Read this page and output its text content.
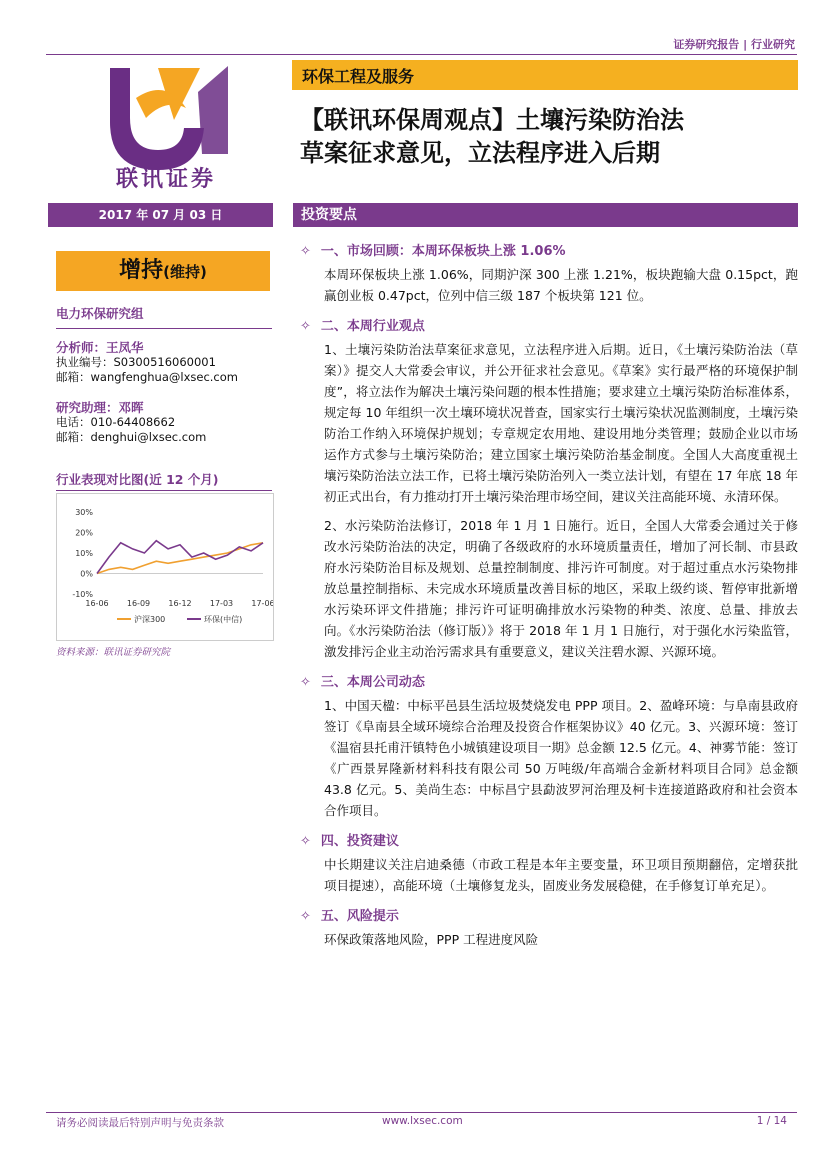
证券研究报告 | 行业研究
联讯证券
环保工程及服务
【联讯环保周观点】土壤污染防治法
草案征求意见，立法程序进入后期
2017 年 07 月 03 日	投资要点
增持(维持)
电力环保研究组
分析师：王凤华
执业编号：S0300516060001
邮箱：wangfenghua@lxsec.com
研究助理：邓晖
电话：010-64408662
邮箱：denghui@lxsec.com
行业表现对比图(近 12 个月)
30%
20%
10%
0%
-10%
16-06 16-09 16-12 17-03 17-06
沪深300	环保(中信)
资料来源：联讯证券研究院
✧ 一、市场回顾：本周环保板块上涨 1.06%
本周环保板块上涨 1.06%，同期沪深 300 上涨 1.21%，板块跑输大盘 0.15pct，跑赢创业板 0.47pct，位列中信三级 187 个板块第 121 位。
✧ 二、本周行业观点
1、土壤污染防治法草案征求意见，立法程序进入后期。近日，《土壤污染防治法（草案）》提交人大常委会审议，并公开征求社会意见。《草案》实行最严格的环境保护制度”，将立法作为解决土壤污染问题的根本性措施；要求建立土壤污染防治标准体系，规定每 10 年组织一次土壤环境状况普查，国家实行土壤污染状况监测制度，土壤污染防治工作纳入环境保护规划；专章规定农用地、建设用地分类管理；鼓励企业以市场运作方式参与土壤污染防治；建立国家土壤污染防治基金制度。全国人大高度重视土壤污染防治法立法工作，已将土壤污染防治列入一类立法计划，有望在 17 年底 18 年初正式出台，有力推动打开土壤污染治理市场空间，建议关注高能环境、永清环保。
2、水污染防治法修订，2018 年 1 月 1 日施行。近日，全国人大常委会通过关于修改水污染防治法的决定，明确了各级政府的水环境质量责任，增加了河长制、市县政府水污染防治目标及规划、总量控制制度、排污许可制度。对于超过重点水污染物排放总量控制指标、未完成水环境质量改善目标的地区，采取上级约谈、暂停审批新增水污染环评文件措施；排污许可证明确排放水污染物的种类、浓度、总量、排放去向。《水污染防治法（修订版）》将于 2018 年 1 月 1 日施行，对于强化水污染监管，激发排污企业主动治污需求具有重要意义，建议关注碧水源、兴源环境。
✧ 三、本周公司动态
1、中国天楹：中标平邑县生活垃圾焚烧发电 PPP 项目。2、盈峰环境：与阜南县政府签订《阜南县全域环境综合治理及投资合作框架协议》40 亿元。3、兴源环境：签订《温宿县托甫汗镇特色小城镇建设项目一期》总金额 12.5 亿元。4、神雾节能：签订《广西景昇隆新材料科技有限公司 50 万吨级/年高端合金新材料项目合同》总金额 43.8 亿元。5、美尚生态：中标昌宁县勐波罗河治理及柯卡连接道路政府和社会资本合作项目。
✧ 四、投资建议
中长期建议关注启迪桑德（市政工程是本年主要变量，环卫项目预期翻倍，定增获批项目提速），高能环境（土壤修复龙头，固废业务发展稳健，在手修复订单充足）。
✧ 五、风险提示
环保政策落地风险，PPP 工程进度风险
请务必阅读最后特别声明与免责条款	www.lxsec.com	1 / 14
